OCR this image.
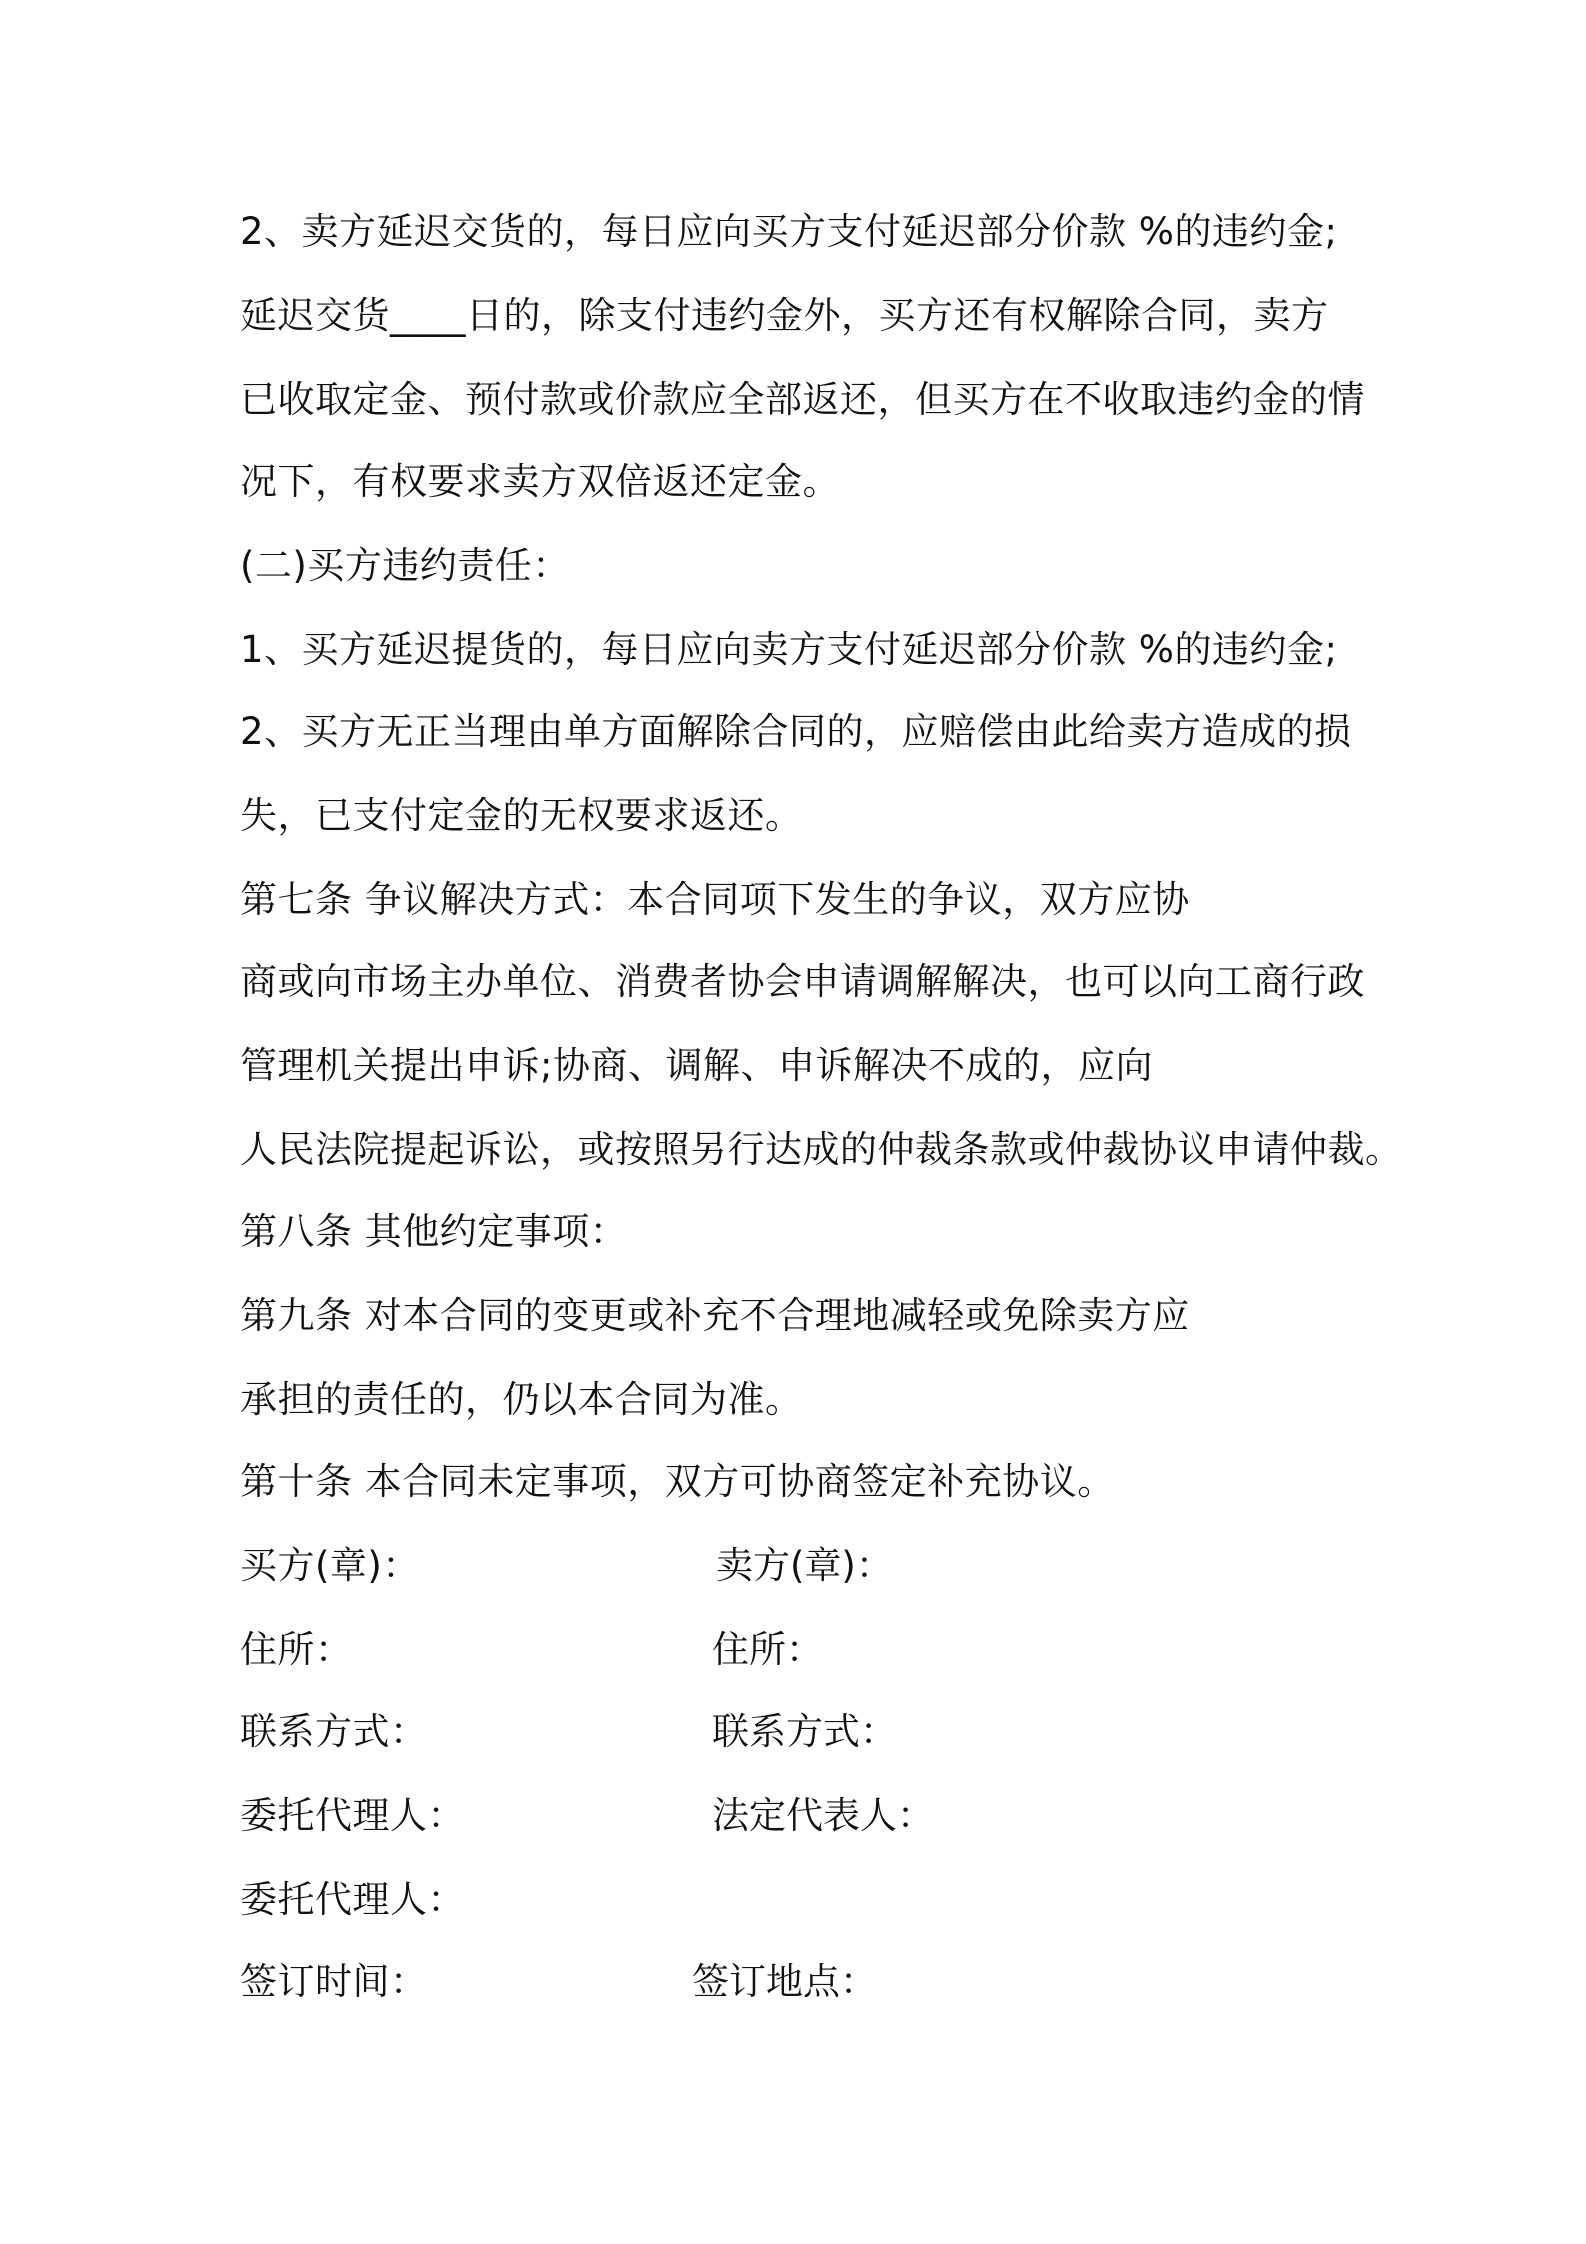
2、卖方延迟交货的，每日应向买方支付延迟部分价款 %的违约金;
延迟交货____日的，除支付违约金外，买方还有权解除合同，卖方
已收取定金、预付款或价款应全部返还，但买方在不收取违约金的情
况下，有权要求卖方双倍返还定金。
(二)买方违约责任：
1、买方延迟提货的，每日应向卖方支付延迟部分价款 %的违约金;
2、买方无正当理由单方面解除合同的，应赔偿由此给卖方造成的损
失，已支付定金的无权要求返还。
第七条 争议解决方式：本合同项下发生的争议，双方应协
商或向市场主办单位、消费者协会申请调解解决，也可以向工商行政
管理机关提出申诉;协商、调解、申诉解决不成的，应向
人民法院提起诉讼，或按照另行达成的仲裁条款或仲裁协议申请仲裁。
第八条 其他约定事项：
第九条 对本合同的变更或补充不合理地减轻或免除卖方应
承担的责任的，仍以本合同为准。
第十条 本合同未定事项，双方可协商签定补充协议。
买方(章)：	卖方(章)：
住所：	住所：
联系方式：	联系方式：
委托代理人：	法定代表人：
委托代理人：
签订时间：	签订地点：
